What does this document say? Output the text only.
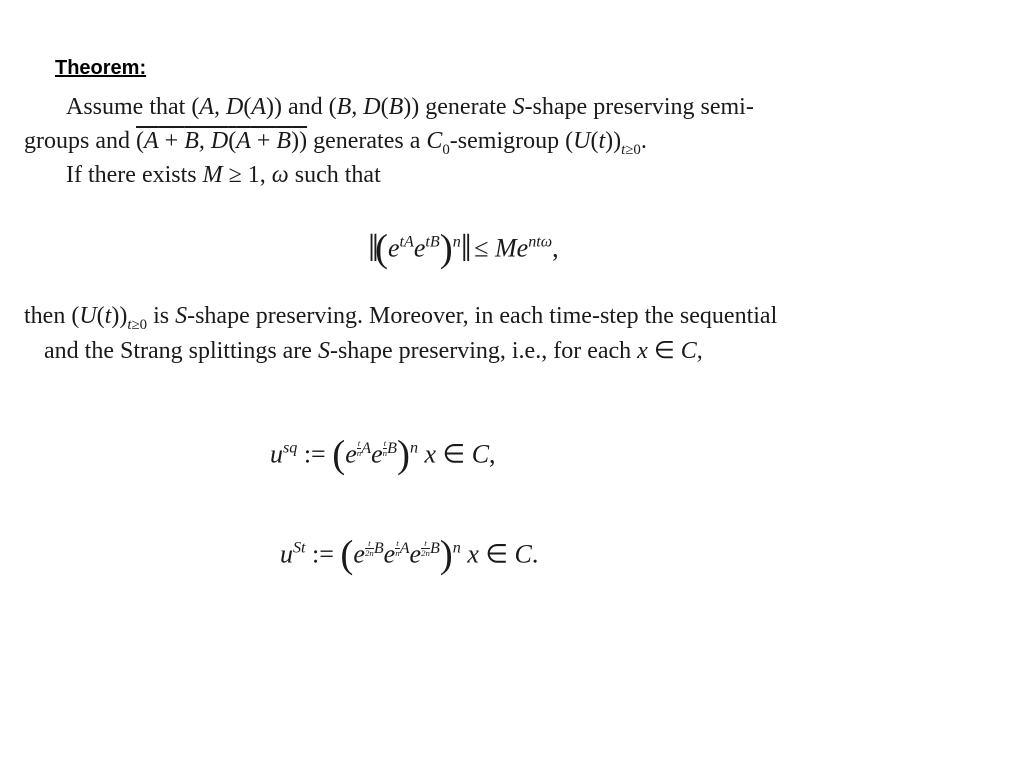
Theorem:
Assume that (A, D(A)) and (B, D(B)) generate S-shape preserving semi-
groups and (A + B, D(A + B)) generates a $C_0$-semigroup $(U(t))_{t\ge 0}$.
If there exists M ≥ 1, ω such that
$‖(e^{tA}e^{tB})^n‖ \le Me^{nt\omega}$,
then $(U(t))_{t\ge 0}$ is S-shape preserving. Moreover, in each time-step the sequential
and the Strang splittings are S-shape preserving, i.e., for each x ∈ C,
$u^{sq}$ := (e $^{\frac{t}{n} A}$e $^{\frac{t}{n} B}$)$^n$ x ∈ C,
$u^{St}$ := (e $^{\frac{t}{2n} B}$e $^{\frac{t}{n} A}$e $^{\frac{t}{2n} B}$)$^n$ x ∈ C.
